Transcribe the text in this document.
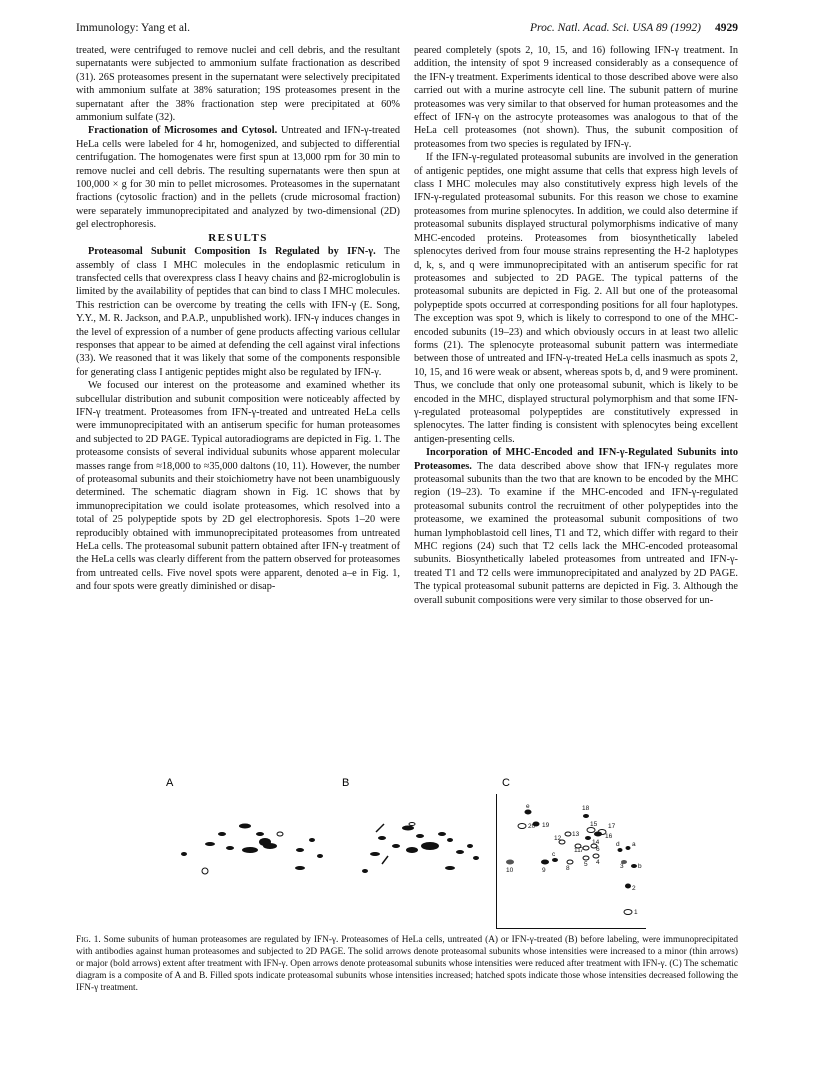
Immunology: Yang et al.	Proc. Natl. Acad. Sci. USA 89 (1992) 4929

treated, were centrifuged to remove nuclei and cell debris, and the resultant supernatants were subjected to ammonium sulfate fractionation as described (31). 26S proteasomes present in the supernatant were selectively precipitated with ammonium sulfate at 38% saturation; 19S proteasomes present in the supernatant after the 38% fractionation step were precipitated at 60% ammonium sulfate (32).

Fractionation of Microsomes and Cytosol. Untreated and IFN-γ-treated HeLa cells were labeled for 4 hr, homogenized, and subjected to differential centrifugation. The homogenates were first spun at 13,000 rpm for 30 min to remove nuclei and cell debris. The resulting supernatants were then spun at 100,000 × g for 30 min to pellet microsomes. Proteasomes in the supernatant fractions (cytosolic fraction) and in the pellets (crude microsomal fraction) were separately immunoprecipitated and analyzed by two-dimensional (2D) gel electrophoresis.

RESULTS

Proteasomal Subunit Composition Is Regulated by IFN-γ. The assembly of class I MHC molecules in the endoplasmic reticulum in transfected cells that overexpress class I heavy chains and β2-microglobulin is limited by the availability of peptides that can bind to class I MHC molecules. This restriction can be overcome by treating the cells with IFN-γ (E. Song, Y.Y., M. R. Jackson, and P.A.P., unpublished work). IFN-γ induces changes in the level of expression of a number of gene products affecting various cellular responses that appear to be aimed at defending the cell against viral infections (33). We reasoned that it was likely that some of the components responsible for generating class I antigenic peptides might also be regulated by IFN-γ.

We focused our interest on the proteasome and examined whether its subcellular distribution and subunit composition were noticeably affected by IFN-γ treatment. Proteasomes from IFN-γ-treated and untreated HeLa cells were immunoprecipitated with an antiserum specific for human proteasomes and subjected to 2D PAGE. Typical autoradiograms are depicted in Fig. 1. The proteasome consists of several individual subunits whose apparent molecular masses range from ≈18,000 to ≈35,000 daltons (10, 11). However, the number of proteasomal subunits and their stoichiometry have not been unambiguously determined. The schematic diagram shown in Fig. 1C shows that by immunoprecipitation we could isolate proteasomes, which resolved into a total of 25 polypeptide spots by 2D gel electrophoresis. Spots 1–20 were reproducibly obtained with immunoprecipitated proteasomes from untreated HeLa cells. The proteasomal subunit pattern obtained after IFN-γ treatment of the HeLa cells was clearly different from the pattern observed for proteasomes from untreated cells. Five novel spots were apparent, denoted a–e in Fig. 1, and four spots were greatly diminished or disap-

peared completely (spots 2, 10, 15, and 16) following IFN-γ treatment. In addition, the intensity of spot 9 increased considerably as a consequence of the IFN-γ treatment. Experiments identical to those described above were also carried out with a murine astrocyte cell line. The subunit pattern of murine proteasomes was very similar to that observed for human proteasomes and the effect of IFN-γ on the astrocyte proteasomes was analogous to that of the HeLa cell proteasomes (not shown). Thus, the subunit composition of proteasomes from two species is regulated by IFN-γ.

If the IFN-γ-regulated proteasomal subunits are involved in the generation of antigenic peptides, one might assume that cells that express high levels of class I MHC molecules may also constitutively express high levels of the IFN-γ-regulated proteasomal subunits. For this reason we chose to examine proteasomes from murine splenocytes. In addition, we could also determine if proteasomal subunits displayed structural polymorphisms indicative of many MHC-encoded proteins. Proteasomes from biosynthetically labeled splenocytes derived from four mouse strains representing the H-2 haplotypes d, k, s, and q were immunoprecipitated with an antiserum specific for rat proteasomes and subjected to 2D PAGE. The typical patterns of the proteasomal subunits are depicted in Fig. 2. All but one of the proteasomal polypeptide spots occurred at corresponding positions for all four haplotypes. The exception was spot 9, which is likely to correspond to one of the MHC-encoded subunits (19–23) and which obviously occurs in at least two allelic forms (21). The splenocyte proteasomal subunit pattern was intermediate between those of untreated and IFN-γ-treated HeLa cells inasmuch as spots 2, 10, 15, and 16 were weak or absent, whereas spots b, d, and 9 were prominent. Thus, we conclude that only one proteasomal subunit, which is likely to be encoded in the MHC, displayed structural polymorphism and that some IFN-γ-regulated proteasomal polypeptides are constitutively expressed in splenocytes. The latter finding is consistent with splenocytes being excellent antigen-presenting cells.

Incorporation of MHC-Encoded and IFN-γ-Regulated Subunits into Proteasomes. The data described above show that IFN-γ regulates more proteasomal subunits than the two that are known to be encoded by the MHC region (19–23). To examine if the MHC-encoded and IFN-γ-regulated proteasomal subunits control the recruitment of other polypeptides into the proteasome, we examined the proteasomal subunit compositions of two human lymphoblastoid cell lines, T1 and T2, which differ with regard to their MHC regions (24) such that T2 cells lack the MHC-encoded proteasomal subunits. Biosynthetically labeled proteasomes from untreated and IFN-γ-treated T1 and T2 cells were immunoprecipitated and analyzed by 2D PAGE. The typical proteasomal subunit patterns are depicted in Fig. 3. Although the overall subunit compositions were very similar to those observed for un-

A	B	C
20 19
18
17
16
15
14
13
12
11
10	9	8
7 6
5 4
3
2
1
e
d
c
b
a
Fig. 1. Some subunits of human proteasomes are regulated by IFN-γ. Proteasomes of HeLa cells, untreated (A) or IFN-γ-treated (B) before labeling, were immunoprecipitated with antibodies against human proteasomes and subjected to 2D PAGE. The solid arrows denote proteasomal subunits whose intensities were increased to a minor (thin arrows) or major (bold arrows) extent after treatment with IFN-γ. Open arrows denote proteasomal subunits whose intensities were reduced after treatment with IFN-γ. (C) The schematic diagram is a composite of A and B. Filled spots indicate proteasomal subunits whose intensities increased; hatched spots indicate those whose intensities decreased following the IFN-γ treatment.
